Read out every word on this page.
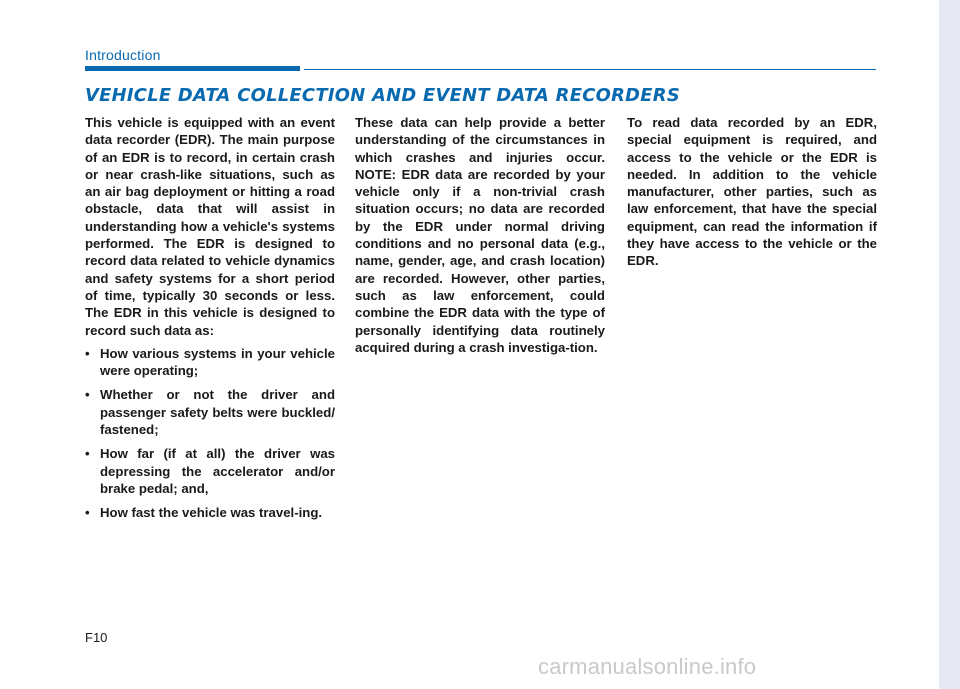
Introduction
VEHICLE DATA COLLECTION AND EVENT DATA RECORDERS

This vehicle is equipped with an event data recorder (EDR). The main purpose of an EDR is to record, in certain crash or near crash-like situations, such as an air bag deployment or hitting a road obstacle, data that will assist in understanding how a vehicle's systems performed. The EDR is designed to record data related to vehicle dynamics and safety systems for a short period of time, typically 30 seconds or less. The EDR in this vehicle is designed to record such data as:

• How various systems in your vehicle were operating;
• Whether or not the driver and passenger safety belts were buckled/ fastened;
• How far (if at all) the driver was depressing the accelerator and/or brake pedal; and,
• How fast the vehicle was travel-ing.

These data can help provide a better understanding of the circumstances in which crashes and injuries occur. NOTE: EDR data are recorded by your vehicle only if a non-trivial crash situation occurs; no data are recorded by the EDR under normal driving conditions and no personal data (e.g., name, gender, age, and crash location) are recorded. However, other parties, such as law enforcement, could combine the EDR data with the type of personally identifying data routinely acquired during a crash investiga-tion.

To read data recorded by an EDR, special equipment is required, and access to the vehicle or the EDR is needed. In addition to the vehicle manufacturer, other parties, such as law enforcement, that have the special equipment, can read the information if they have access to the vehicle or the EDR.

F10
carmanualsonline.info
